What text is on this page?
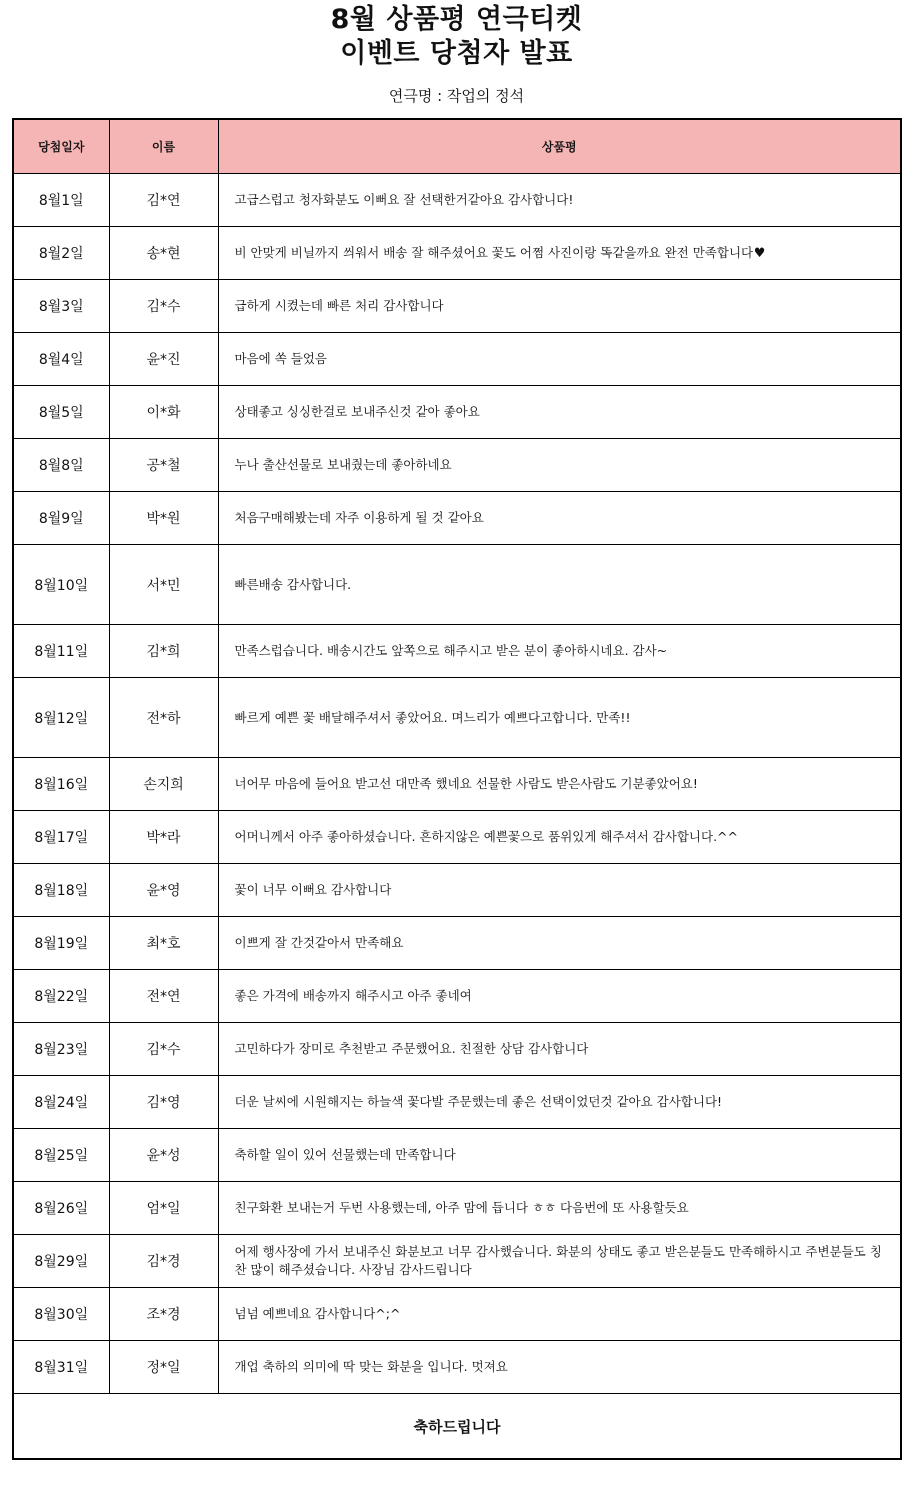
8월 상품평 연극티켓
이벤트 당첨자 발표
연극명 : 작업의 정석
당첨일자	이름	상품평
8월1일	김*연	고급스럽고 청자화분도 이뻐요 잘 선택한거같아요 감사합니다!
8월2일	송*현	비 안맞게 비닐까지 씌워서 배송 잘 해주셨어요 꽃도 어쩜 사진이랑 똑같을까요 완전 만족합니다♥
8월3일	김*수	급하게 시켰는데 빠른 처리 감사합니다
8월4일	윤*진	마음에 쏙 들었음
8월5일	이*화	상태좋고 싱싱한걸로 보내주신것 같아 좋아요
8월8일	공*철	누나 출산선물로 보내줬는데 좋아하네요
8월9일	박*원	처음구매해봤는데 자주 이용하게 될 것 같아요
8월10일	서*민	빠른배송 감사합니다.
8월11일	김*희	만족스럽습니다. 배송시간도 앞쪽으로 해주시고 받은 분이 좋아하시네요. 감사~
8월12일	전*하	빠르게 예쁜 꽃 배달해주셔서 좋았어요. 며느리가 예쁘다고합니다. 만족!!
8월16일	손지희	너어무 마음에 들어요 받고선 대만족 했네요 선물한 사람도 받은사람도 기분좋았어요!
8월17일	박*라	어머니께서 아주 좋아하셨습니다. 흔하지않은 예쁜꽃으로 품위있게 해주셔서 감사합니다.^^
8월18일	윤*영	꽃이 너무 이뻐요 감사합니다
8월19일	최*호	이쁘게 잘 간것같아서 만족해요
8월22일	전*연	좋은 가격에 배송까지 해주시고 아주 좋네여
8월23일	김*수	고민하다가 장미로 추천받고 주문했어요. 친절한 상담 감사합니다
8월24일	김*영	더운 날씨에 시원해지는 하늘색 꽃다발 주문했는데 좋은 선택이었던것 같아요 감사합니다!
8월25일	윤*성	축하할 일이 있어 선물했는데 만족합니다
8월26일	엄*일	친구화환 보내는거 두번 사용했는데, 아주 맘에 듭니다 ㅎㅎ 다음번에 또 사용할듯요
8월29일	김*경	어제 행사장에 가서 보내주신 화분보고 너무 감사했습니다. 화분의 상태도 좋고 받은분들도 만족해하시고 주변분들도 칭찬 많이 해주셨습니다. 사장님 감사드립니다
8월30일	조*경	넘넘 예쁘네요 감사합니다^;^
8월31일	정*일	개업 축하의 의미에 딱 맞는 화분을 입니다. 멋져요
축하드립니다		
